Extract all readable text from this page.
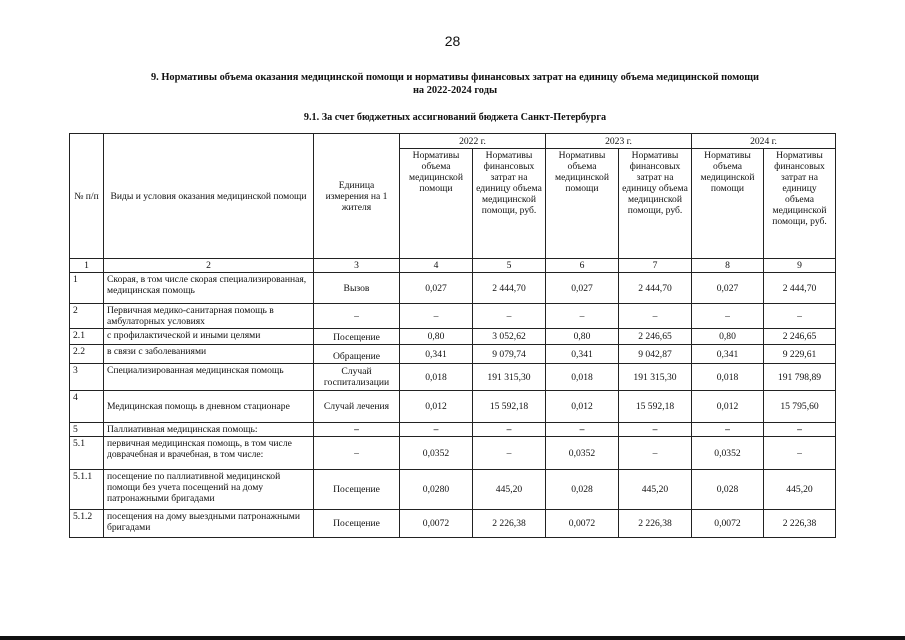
28
9. Нормативы объема оказания медицинской помощи и нормативы финансовых затрат на единицу объема медицинской помощи
на 2022-2024 годы
9.1. За счет бюджетных ассигнований бюджета Санкт-Петербурга
№ п/п	Виды и условия оказания медицинской помощи	Единица измерения на 1 жителя	2022 г.		2023 г.		2024 г.	
			Нормативы объема медицинской помощи	Нормативы финансовых затрат на единицу объема медицинской помощи, руб.	Нормативы объема медицинской помощи	Нормативы финансовых затрат на единицу объема медицинской помощи, руб.	Нормативы объема медицинской помощи	Нормативы финансовых затрат на единицу объема медицинской помощи, руб.
1	2	3	4	5	6	7	8	9
1	Скорая, в том числе скорая специализированная, медицинская помощь	Вызов	0,027	2 444,70	0,027	2 444,70	0,027	2 444,70
2	Первичная медико-санитарная помощь в амбулаторных условиях	–	–	–	–	–	–	–
2.1	с профилактической и иными целями	Посещение	0,80	3 052,62	0,80	2 246,65	0,80	2 246,65
2.2	в связи с заболеваниями	Обращение	0,341	9 079,74	0,341	9 042,87	0,341	9 229,61
3	Специализированная медицинская помощь	Случай госпитализации	0,018	191 315,30	0,018	191 315,30	0,018	191 798,89
4	Медицинская помощь в дневном стационаре	Случай лечения	0,012	15 592,18	0,012	15 592,18	0,012	15 795,60
5	Паллиативная медицинская помощь:	–	–	–	–	–	–	–
5.1	первичная медицинская помощь, в том числе доврачебная и врачебная, в том числе:	–	0,0352	–	0,0352	–	0,0352	–
5.1.1	посещение по паллиативной медицинской помощи без учета посещений на дому патронажными бригадами	Посещение	0,0280	445,20	0,028	445,20	0,028	445,20
5.1.2	посещения на дому выездными патронажными бригадами	Посещение	0,0072	2 226,38	0,0072	2 226,38	0,0072	2 226,38
